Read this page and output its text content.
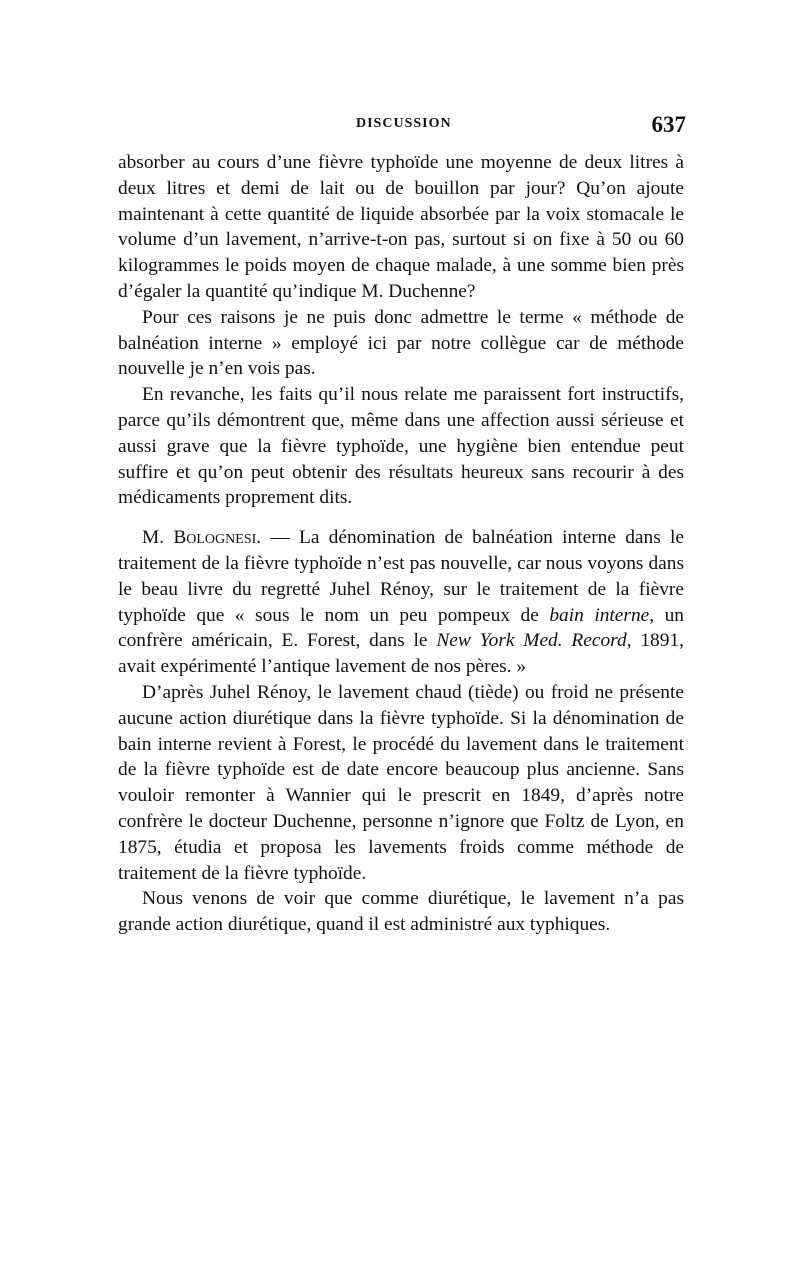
DISCUSSION	637

absorber au cours d’une fièvre typhoïde une moyenne de deux litres à deux litres et demi de lait ou de bouillon par jour? Qu’on ajoute maintenant à cette quantité de liquide absorbée par la voix stomacale le volume d’un lavement, n’arrive-t-on pas, surtout si on fixe à 50 ou 60 kilogrammes le poids moyen de chaque malade, à une somme bien près d’égaler la quantité qu’indique M. Duchenne?

Pour ces raisons je ne puis donc admettre le terme « méthode de balnéation interne » employé ici par notre collègue car de méthode nouvelle je n’en vois pas.

En revanche, les faits qu’il nous relate me paraissent fort instructifs, parce qu’ils démontrent que, même dans une affection aussi sérieuse et aussi grave que la fièvre typhoïde, une hygiène bien entendue peut suffire et qu’on peut obtenir des résultats heureux sans recourir à des médicaments proprement dits.

M. Bolognesi. — La dénomination de balnéation interne dans le traitement de la fièvre typhoïde n’est pas nouvelle, car nous voyons dans le beau livre du regretté Juhel Rénoy, sur le traitement de la fièvre typhoïde que « sous le nom un peu pompeux de bain interne, un confrère américain, E. Forest, dans le New York Med. Record, 1891, avait expérimenté l’antique lavement de nos pères. »

D’après Juhel Rénoy, le lavement chaud (tiède) ou froid ne présente aucune action diurétique dans la fièvre typhoïde. Si la dénomination de bain interne revient à Forest, le procédé du lavement dans le traitement de la fièvre typhoïde est de date encore beaucoup plus ancienne. Sans vouloir remonter à Wannier qui le prescrit en 1849, d’après notre confrère le docteur Duchenne, personne n’ignore que Foltz de Lyon, en 1875, étudia et proposa les lavements froids comme méthode de traitement de la fièvre typhoïde.

Nous venons de voir que comme diurétique, le lavement n’a pas grande action diurétique, quand il est administré aux typhiques.
